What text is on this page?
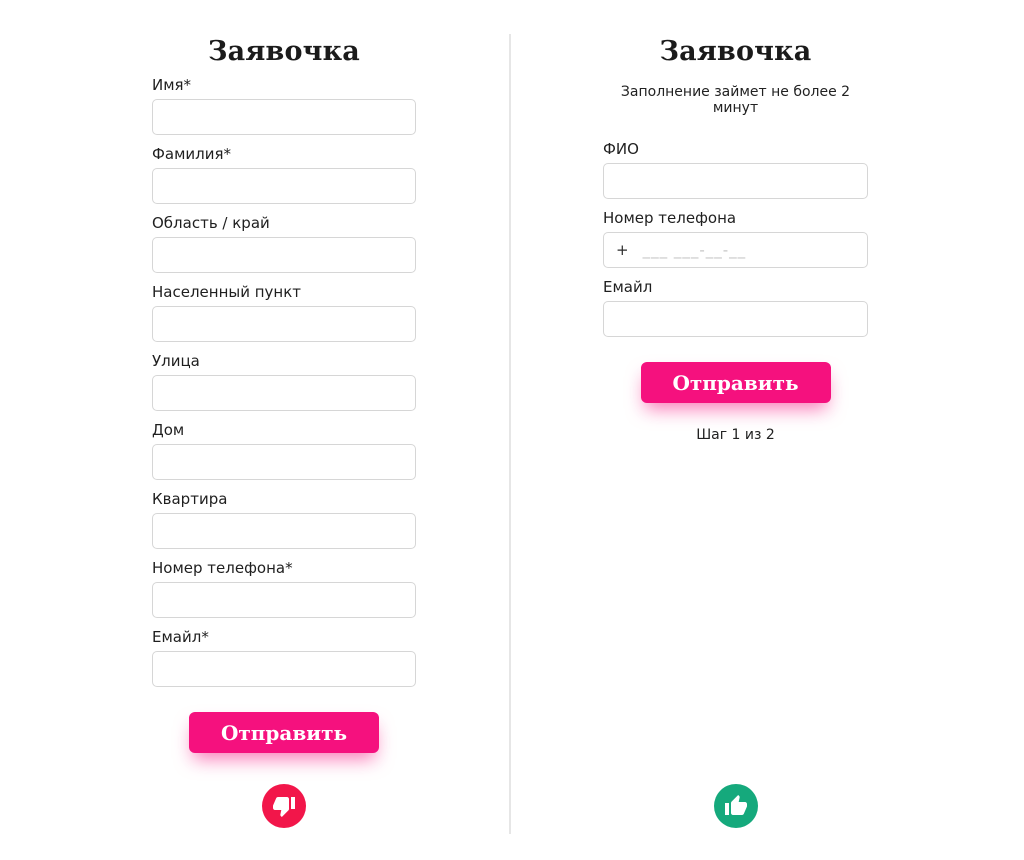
Заявочка
Имя*
Фамилия*
Область / край
Населенный пункт
Улица
Дом
Квартира
Номер телефона*
Емайл*
Отправить
Заявочка

Заполнение займет не более 2 минут

ФИО
Номер телефона
+ ___ ___-__-__
Емайл
Отправить

Шаг 1 из 2
